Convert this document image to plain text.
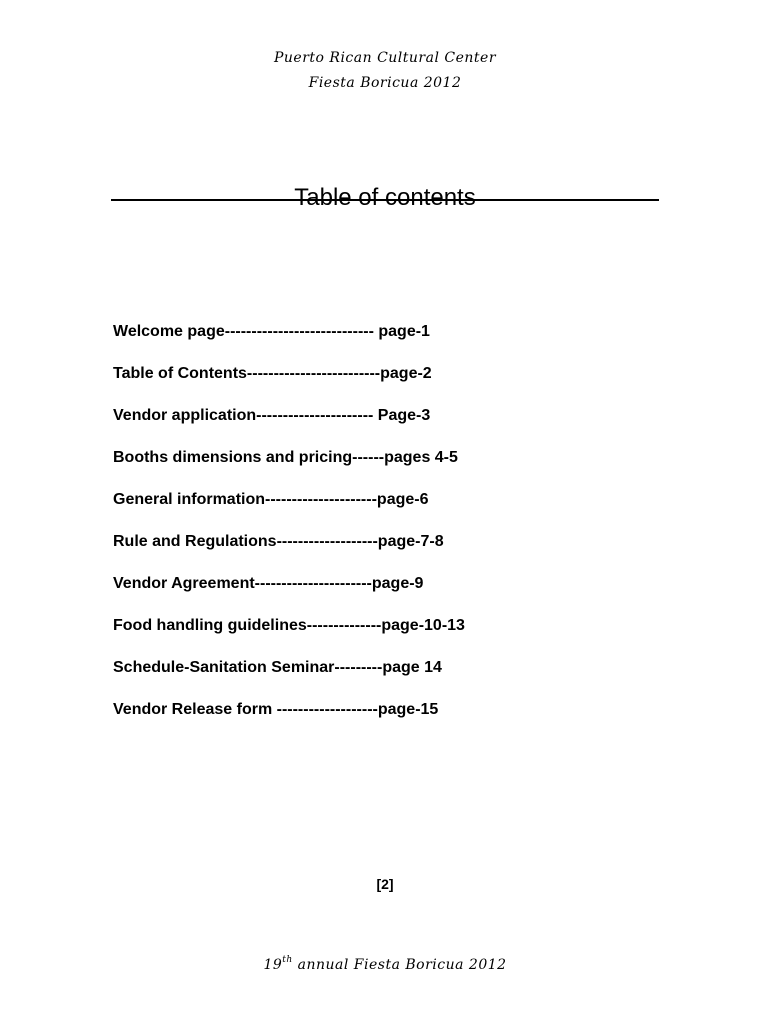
Puerto Rican Cultural Center
Fiesta Boricua 2012
Table of contents
Welcome page---------------------------- page-1
Table of Contents-------------------------page-2
Vendor application---------------------- Page-3
Booths dimensions and pricing------pages 4-5
General information---------------------page-6
Rule and Regulations-------------------page-7-8
Vendor Agreement----------------------page-9
Food handling guidelines--------------page-10-13
Schedule-Sanitation Seminar---------page 14
Vendor Release form -------------------page-15
[2]
19th annual Fiesta Boricua 2012
